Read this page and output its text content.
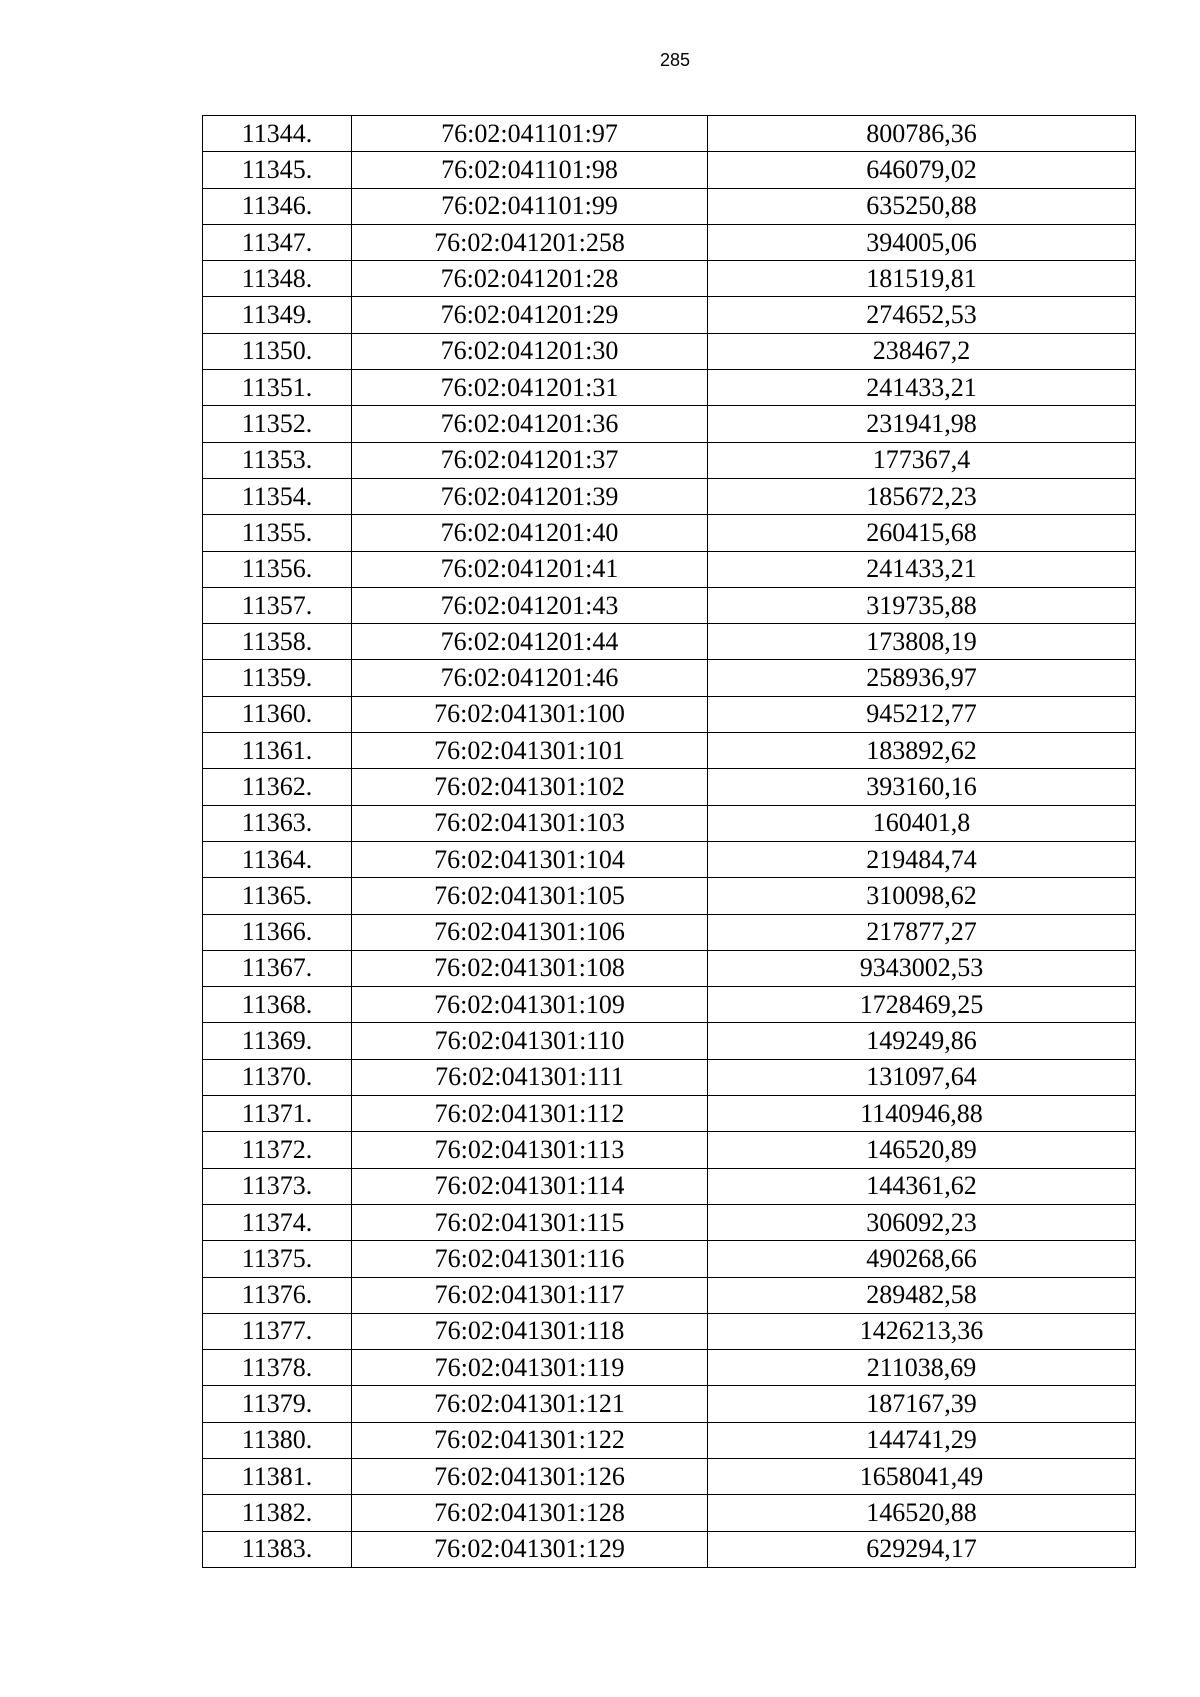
285
11344.	76:02:041101:97	800786,36
11345.	76:02:041101:98	646079,02
11346.	76:02:041101:99	635250,88
11347.	76:02:041201:258	394005,06
11348.	76:02:041201:28	181519,81
11349.	76:02:041201:29	274652,53
11350.	76:02:041201:30	238467,2
11351.	76:02:041201:31	241433,21
11352.	76:02:041201:36	231941,98
11353.	76:02:041201:37	177367,4
11354.	76:02:041201:39	185672,23
11355.	76:02:041201:40	260415,68
11356.	76:02:041201:41	241433,21
11357.	76:02:041201:43	319735,88
11358.	76:02:041201:44	173808,19
11359.	76:02:041201:46	258936,97
11360.	76:02:041301:100	945212,77
11361.	76:02:041301:101	183892,62
11362.	76:02:041301:102	393160,16
11363.	76:02:041301:103	160401,8
11364.	76:02:041301:104	219484,74
11365.	76:02:041301:105	310098,62
11366.	76:02:041301:106	217877,27
11367.	76:02:041301:108	9343002,53
11368.	76:02:041301:109	1728469,25
11369.	76:02:041301:110	149249,86
11370.	76:02:041301:111	131097,64
11371.	76:02:041301:112	1140946,88
11372.	76:02:041301:113	146520,89
11373.	76:02:041301:114	144361,62
11374.	76:02:041301:115	306092,23
11375.	76:02:041301:116	490268,66
11376.	76:02:041301:117	289482,58
11377.	76:02:041301:118	1426213,36
11378.	76:02:041301:119	211038,69
11379.	76:02:041301:121	187167,39
11380.	76:02:041301:122	144741,29
11381.	76:02:041301:126	1658041,49
11382.	76:02:041301:128	146520,88
11383.	76:02:041301:129	629294,17
